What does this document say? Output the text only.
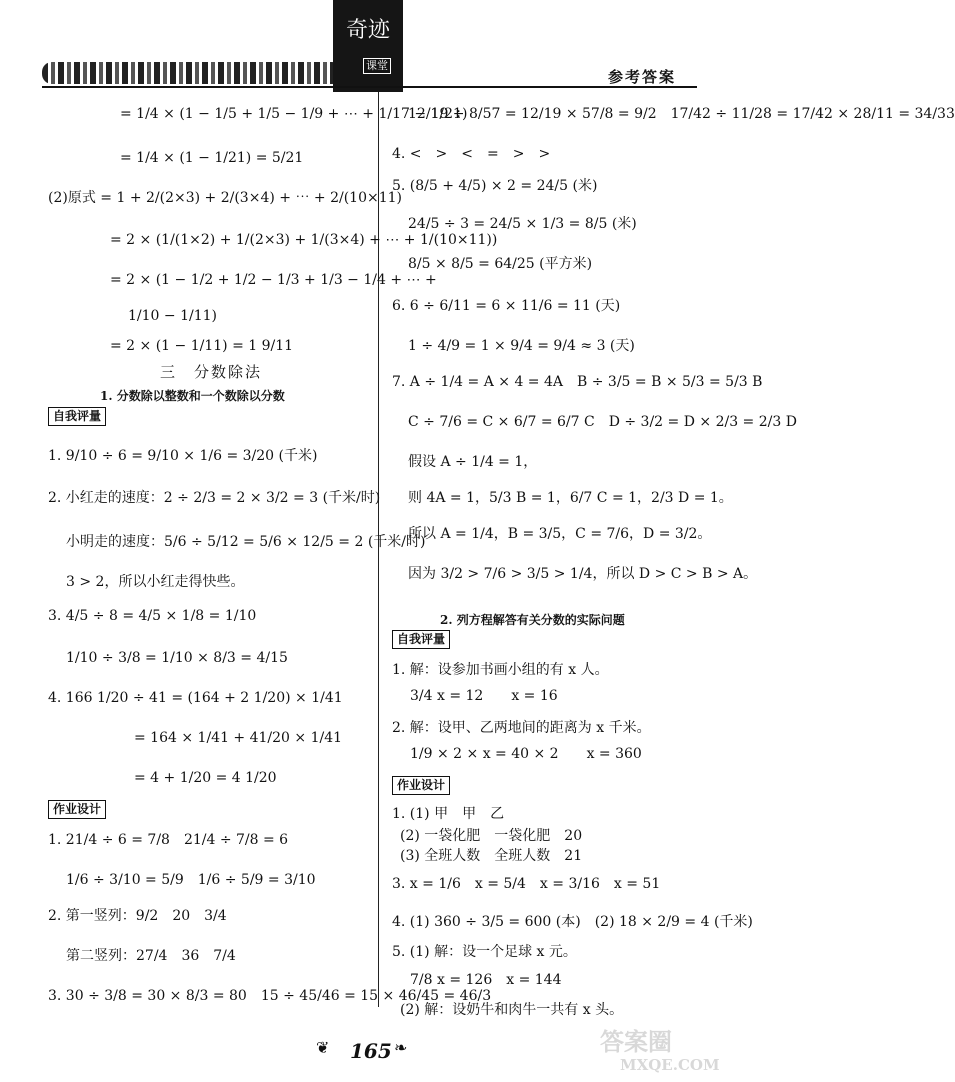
奇迹
课堂
参考答案
= 1/4 × (1 − 1/5 + 1/5 − 1/9 + ⋯ + 1/17 − 1/21)
= 1/4 × (1 − 1/21) = 5/21
(2)原式 = 1 + 2/(2×3) + 2/(3×4) + ⋯ + 2/(10×11)
= 2 × (1/(1×2) + 1/(2×3) + 1/(3×4) + ⋯ + 1/(10×11))
= 2 × (1 − 1/2 + 1/2 − 1/3 + 1/3 − 1/4 + ⋯ +
1/10 − 1/11)
= 2 × (1 − 1/11) = 1 9/11
三　分数除法
1. 分数除以整数和一个数除以分数
1. 9/10 ÷ 6 = 9/10 × 1/6 = 3/20 (千米)
2. 小红走的速度：2 ÷ 2/3 = 2 × 3/2 = 3 (千米/时)
小明走的速度：5/6 ÷ 5/12 = 5/6 × 12/5 = 2 (千米/时)
3 > 2，所以小红走得快些。
3. 4/5 ÷ 8 = 4/5 × 1/8 = 1/10
1/10 ÷ 3/8 = 1/10 × 8/3 = 4/15
4. 166 1/20 ÷ 41 = (164 + 2 1/20) × 1/41
= 164 × 1/41 + 41/20 × 1/41
= 4 + 1/20 = 4 1/20
1. 21/4 ÷ 6 = 7/8　21/4 ÷ 7/8 = 6
1/6 ÷ 3/10 = 5/9　1/6 ÷ 5/9 = 3/10
2. 第一竖列：9/2　20　3/4
第二竖列：27/4　36　7/4
3. 30 ÷ 3/8 = 30 × 8/3 = 80　15 ÷ 45/46 = 15 × 46/45 = 46/3
12/19 ÷ 8/57 = 12/19 × 57/8 = 9/2　17/42 ÷ 11/28 = 17/42 × 28/11 = 34/33
4. <　>　<　=　>　>
5. (8/5 + 4/5) × 2 = 24/5 (米)
24/5 ÷ 3 = 24/5 × 1/3 = 8/5 (米)
8/5 × 8/5 = 64/25 (平方米)
6. 6 ÷ 6/11 = 6 × 11/6 = 11 (天)
1 ÷ 4/9 = 1 × 9/4 = 9/4 ≈ 3 (天)
7. A ÷ 1/4 = A × 4 = 4A　B ÷ 3/5 = B × 5/3 = 5/3 B
C ÷ 7/6 = C × 6/7 = 6/7 C　D ÷ 3/2 = D × 2/3 = 2/3 D
假设 A ÷ 1/4 = 1，
则 4A = 1，5/3 B = 1，6/7 C = 1，2/3 D = 1。
所以 A = 1/4，B = 3/5，C = 7/6，D = 3/2。
因为 3/2 > 7/6 > 3/5 > 1/4，所以 D > C > B > A。
2. 列方程解答有关分数的实际问题
1. 解：设参加书画小组的有 x 人。
3/4 x = 12　　x = 16
2. 解：设甲、乙两地间的距离为 x 千米。
1/9 × 2 × x = 40 × 2　　x = 360
1. (1) 甲　甲　乙
(2) 一袋化肥　一袋化肥　20
(3) 全班人数　全班人数　21
3. x = 1/6　x = 5/4　x = 3/16　x = 51
4. (1) 360 ÷ 3/5 = 600 (本)　(2) 18 × 2/9 = 4 (千米)
5. (1) 解：设一个足球 x 元。
7/8 x = 126　x = 144
(2) 解：设奶牛和肉牛一共有 x 头。
自我评量
作业设计
自我评量
作业设计
❦ 165 ❧	答案圈
MXQE.COM
